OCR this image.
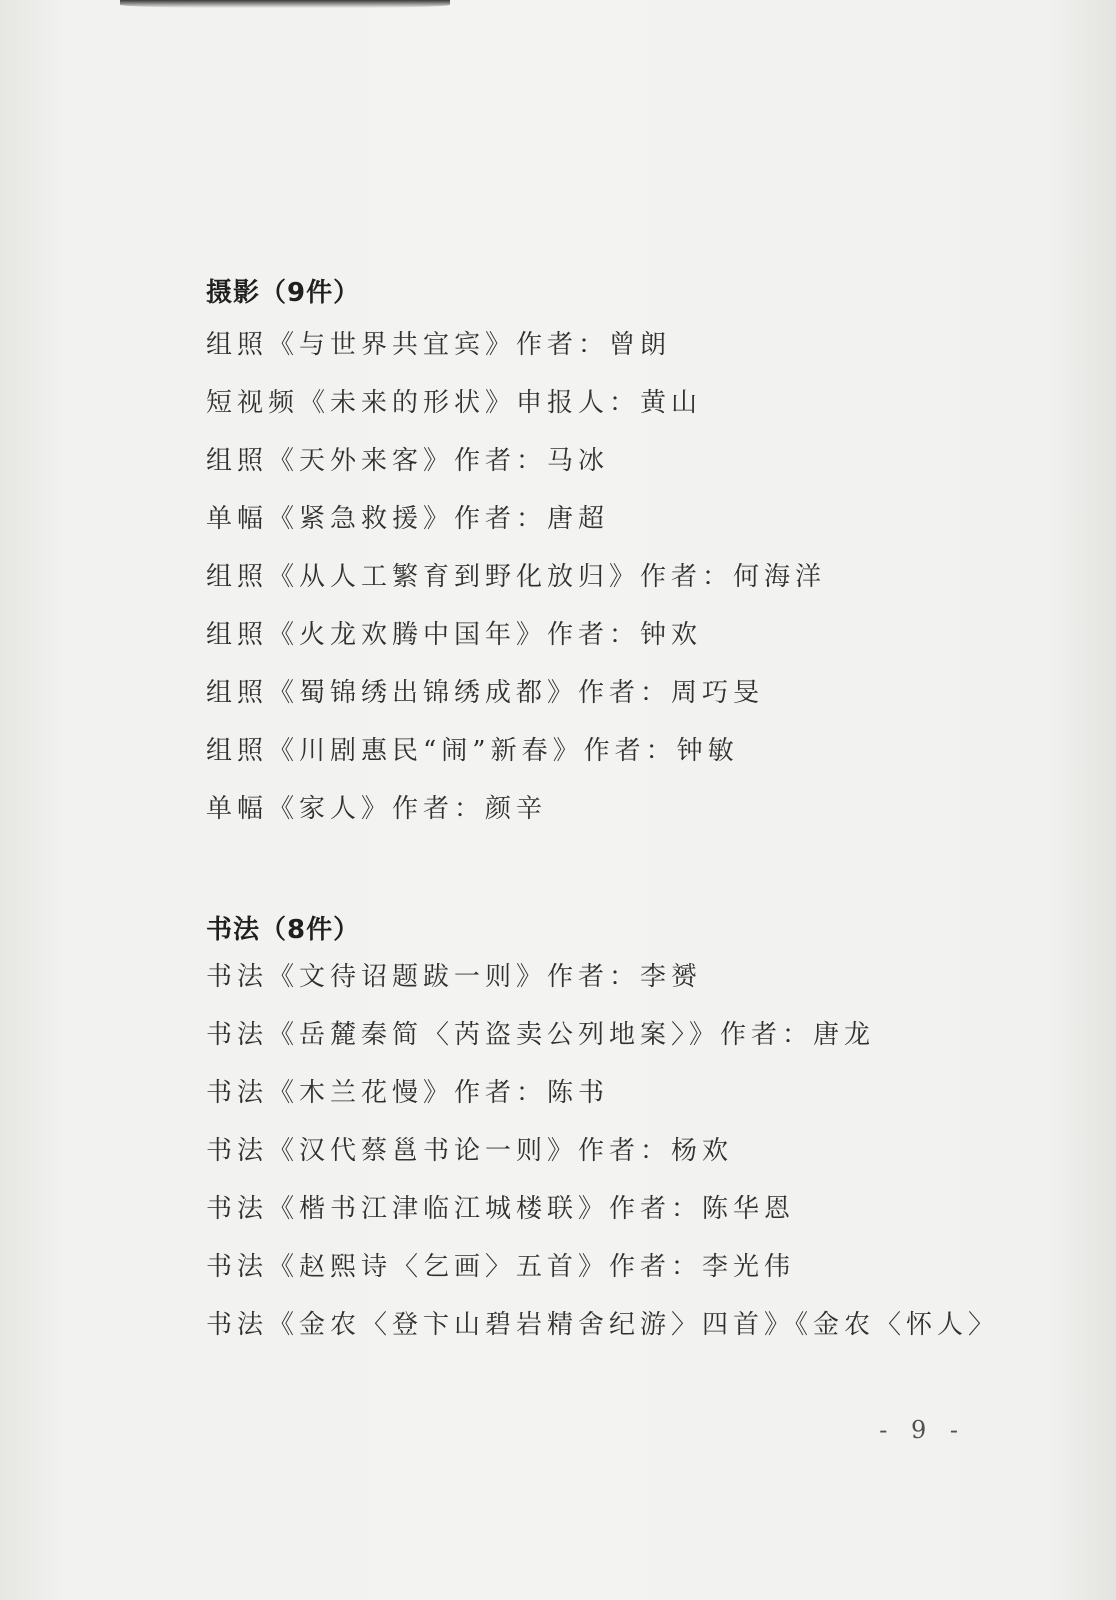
摄影（9件）
组照《与世界共宜宾》作者：曾朗
短视频《未来的形状》申报人：黄山
组照《天外来客》作者：马冰
单幅《紧急救援》作者：唐超
组照《从人工繁育到野化放归》作者：何海洋
组照《火龙欢腾中国年》作者：钟欢
组照《蜀锦绣出锦绣成都》作者：周巧旻
组照《川剧惠民“闹”新春》作者：钟敏
单幅《家人》作者：颜辛
书法（8件）
书法《文待诏题跋一则》作者：李赟
书法《岳麓秦简〈芮盗卖公列地案〉》作者：唐龙
书法《木兰花慢》作者：陈书
书法《汉代蔡邕书论一则》作者：杨欢
书法《楷书江津临江城楼联》作者：陈华恩
书法《赵熙诗〈乞画〉五首》作者：李光伟
书法《金农〈登卞山碧岩精舍纪游〉四首》《金农〈怀人〉
- 9 -
